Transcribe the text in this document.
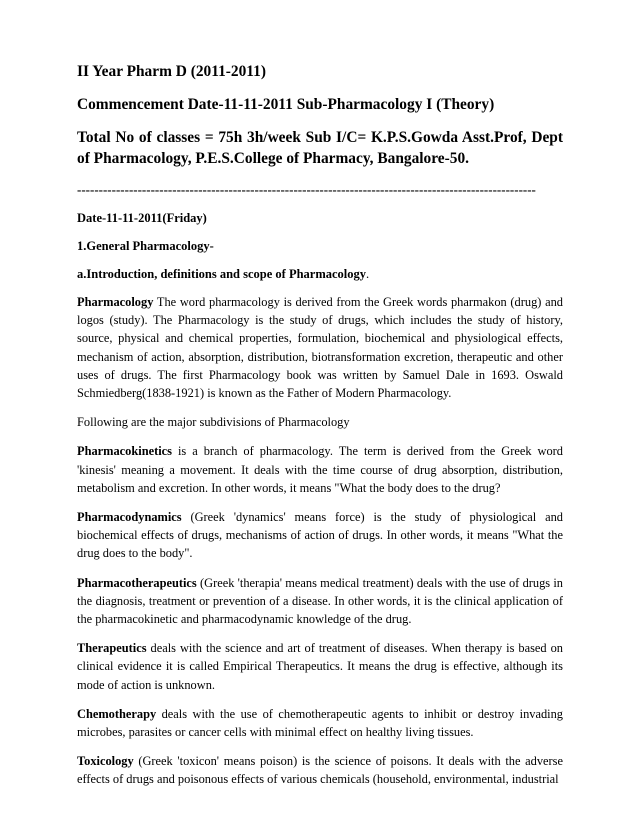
II Year Pharm D (2011-2011)
Commencement Date-11-11-2011 Sub-Pharmacology I (Theory)
Total No of classes = 75h 3h/week Sub I/C= K.P.S.Gowda Asst.Prof, Dept of Pharmacology, P.E.S.College of Pharmacy, Bangalore-50.
----------------------------------------------------------------------------------------------------------
Date-11-11-2011(Friday)
1.General Pharmacology-
a.Introduction, definitions and scope of Pharmacology.

Pharmacology The word pharmacology is derived from the Greek words pharmakon (drug) and logos (study). The Pharmacology is the study of drugs, which includes the study of history, source, physical and chemical properties, formulation, biochemical and physiological effects, mechanism of action, absorption, distribution, biotransformation excretion, therapeutic and other uses of drugs. The first Pharmacology book was written by Samuel Dale in 1693. Oswald Schmiedberg(1838-1921) is known as the Father of Modern Pharmacology.

Following are the major subdivisions of Pharmacology

Pharmacokinetics is a branch of pharmacology. The term is derived from the Greek word 'kinesis' meaning a movement. It deals with the time course of drug absorption, distribution, metabolism and excretion. In other words, it means "What the body does to the drug?

Pharmacodynamics (Greek 'dynamics' means force) is the study of physiological and biochemical effects of drugs, mechanisms of action of drugs. In other words, it means "What the drug does to the body".

Pharmacotherapeutics (Greek 'therapia' means medical treatment) deals with the use of drugs in the diagnosis, treatment or prevention of a disease. In other words, it is the clinical application of the pharmacokinetic and pharmacodynamic knowledge of the drug.

Therapeutics deals with the science and art of treatment of diseases. When therapy is based on clinical evidence it is called Empirical Therapeutics. It means the drug is effective, although its mode of action is unknown.

Chemotherapy deals with the use of chemotherapeutic agents to inhibit or destroy invading microbes, parasites or cancer cells with minimal effect on healthy living tissues.

Toxicology (Greek 'toxicon' means poison) is the science of poisons. It deals with the adverse effects of drugs and poisonous effects of various chemicals (household, environmental, industrial
